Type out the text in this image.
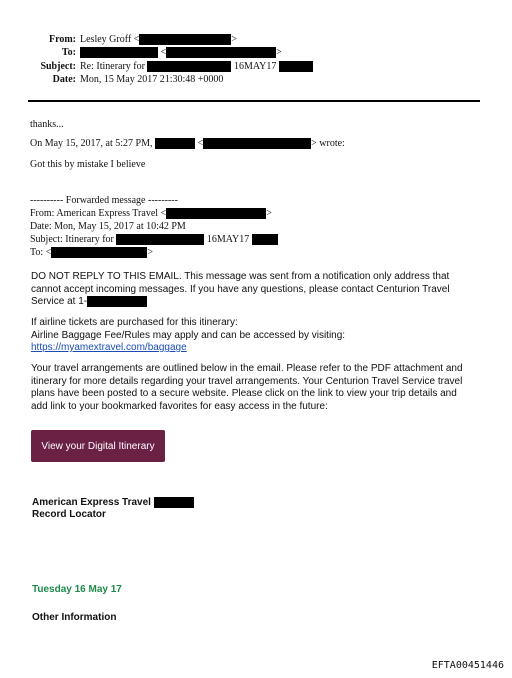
From: Lesley Groff <	>
To:	<	>
Subject: Re: Itinerary for	16MAY17
Date: Mon, 15 May 2017 21:30:48 +0000
thanks...
On May 15, 2017, at 5:27 PM,	<	> wrote:
Got this by mistake I believe
---------- Forwarded message ---------
From: American Express Travel <	>
Date: Mon, May 15, 2017 at 10:42 PM
Subject: Itinerary for	16MAY17
To: <	>
DO NOT REPLY TO THIS EMAIL. This message was sent from a notification only address that
cannot accept incoming messages. If you have any questions, please contact Centurion Travel
Service at 1-
If airline tickets are purchased for this itinerary:
Airline Baggage Fee/Rules may apply and can be accessed by visiting:
https://myamextravel.com/baggage
Your travel arrangements are outlined below in the email. Please refer to the PDF attachment and
itinerary for more details regarding your travel arrangements. Your Centurion Travel Service travel
plans have been posted to a secure website. Please click on the link to view your trip details and
add link to your bookmarked favorites for easy access in the future:
View your Digital Itinerary
American Express Travel
Record Locator
Tuesday 16 May 17
Other Information
EFTA00451446
